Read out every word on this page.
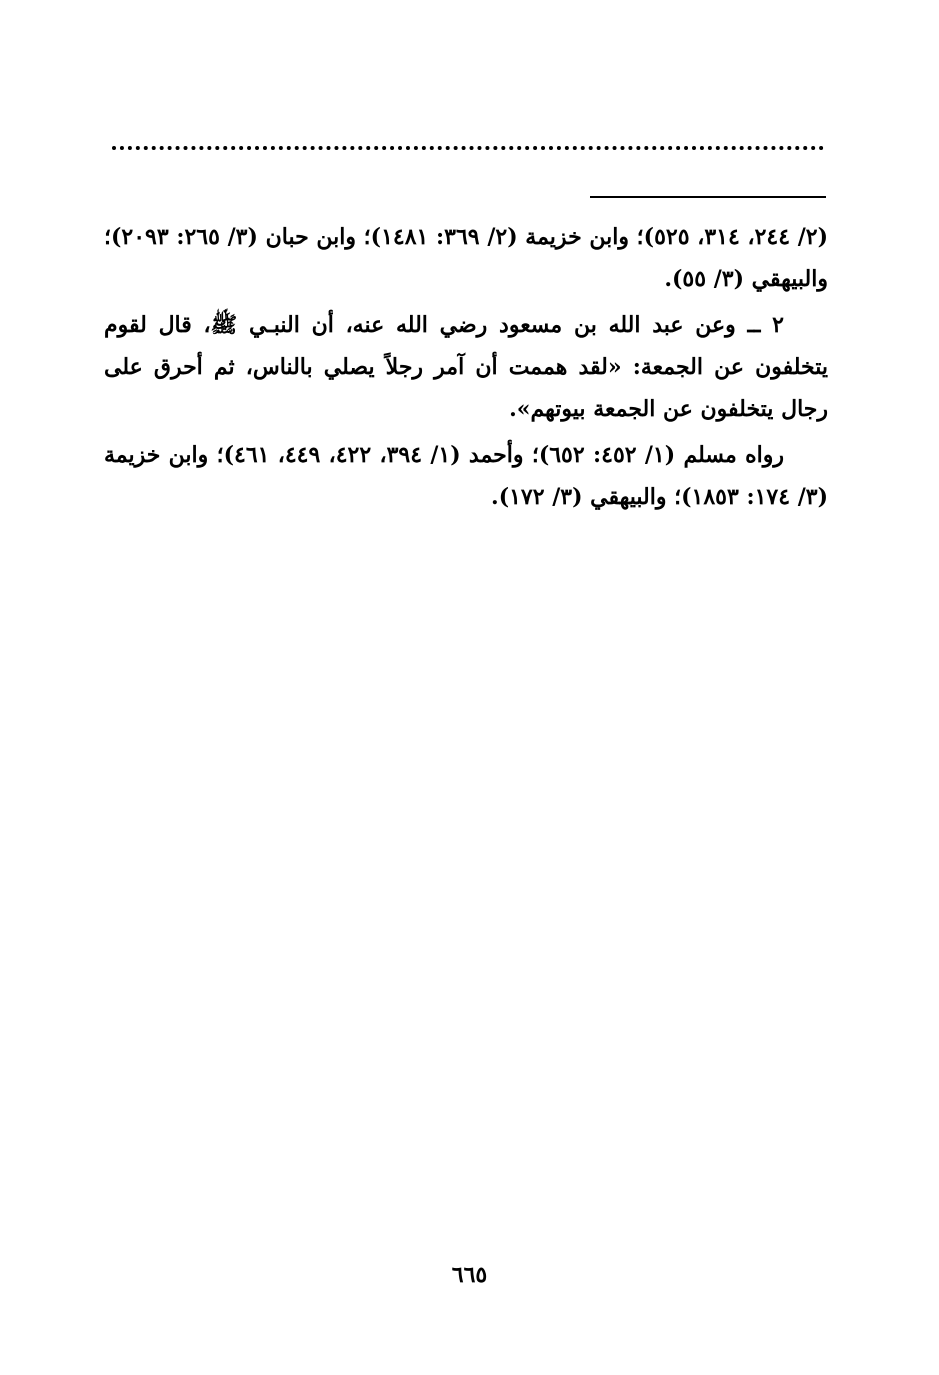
(٢/ ٢٤٤، ٣١٤، ٥٢٥)؛ وابن خزيمة (٢/ ٣٦٩: ١٤٨١)؛ وابن حبان (٣/ ٢٦٥: ٢٠٩٣)؛ والبيهقي (٣/ ٥٥).

٢ ــ وعن عبد الله بن مسعود رضي الله عنه، أن النبـي ﷺ، قال لقوم يتخلفون عن الجمعة: «لقد هممت أن آمر رجلاً يصلي بالناس، ثم أحرق على رجال يتخلفون عن الجمعة بيوتهم».

رواه مسلم (١/ ٤٥٢: ٦٥٢)؛ وأحمد (١/ ٣٩٤، ٤٢٢، ٤٤٩، ٤٦١)؛ وابن خزيمة (٣/ ١٧٤: ١٨٥٣)؛ والبيهقي (٣/ ١٧٢).

٦٦٥
